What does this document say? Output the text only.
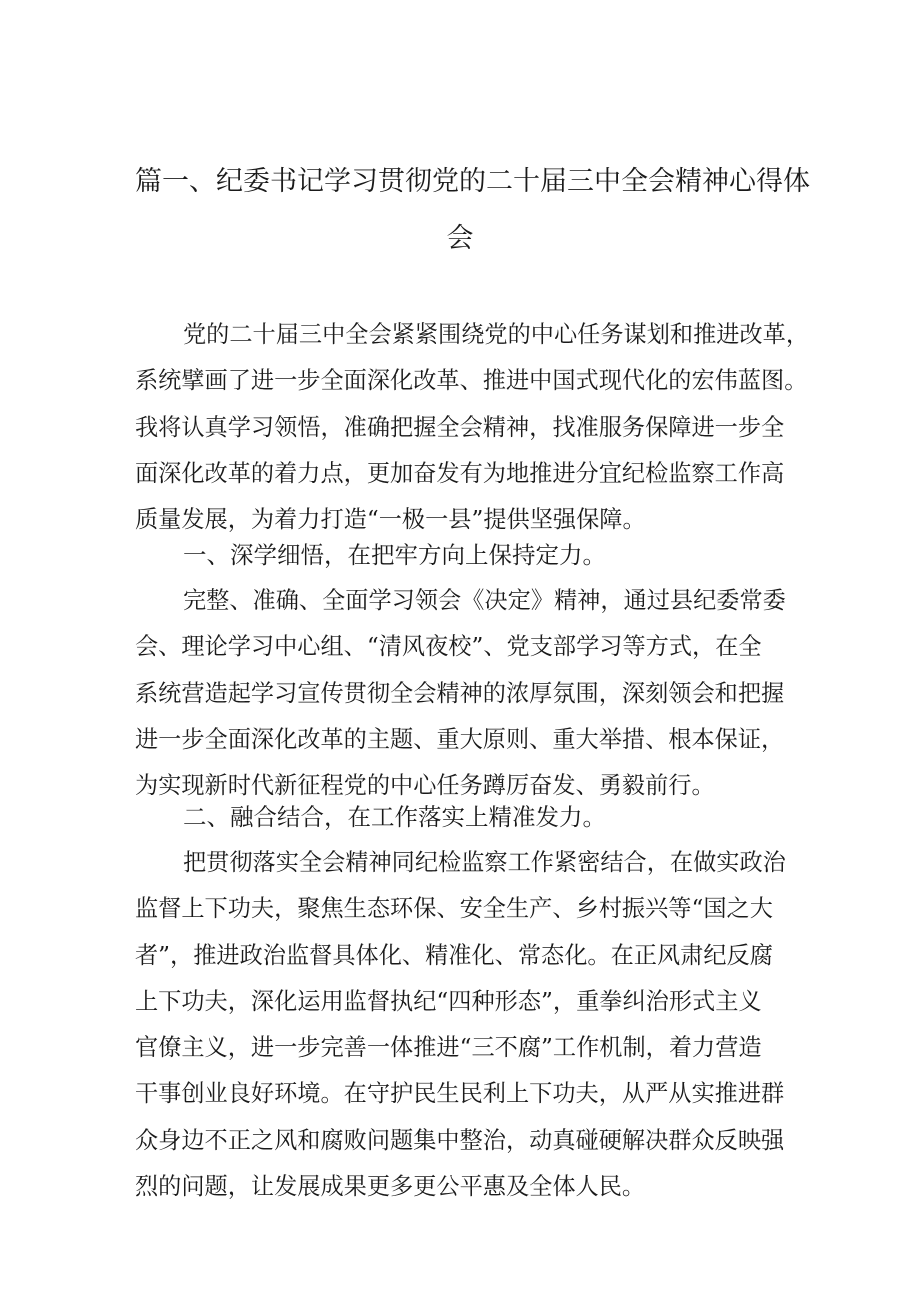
篇一、纪委书记学习贯彻党的二十届三中全会精神心得体
会
党的二十届三中全会紧紧围绕党的中心任务谋划和推进改革，
系统擘画了进一步全面深化改革、推进中国式现代化的宏伟蓝图。
我将认真学习领悟，准确把握全会精神，找准服务保障进一步全
面深化改革的着力点，更加奋发有为地推进分宜纪检监察工作高
质量发展，为着力打造“一极一县”提供坚强保障。
一、深学细悟，在把牢方向上保持定力。
完整、准确、全面学习领会《决定》精神，通过县纪委常委
会、理论学习中心组、“清风夜校”、党支部学习等方式，在全
系统营造起学习宣传贯彻全会精神的浓厚氛围，深刻领会和把握
进一步全面深化改革的主题、重大原则、重大举措、根本保证，
为实现新时代新征程党的中心任务蹲厉奋发、勇毅前行。
二、融合结合，在工作落实上精准发力。
把贯彻落实全会精神同纪检监察工作紧密结合，在做实政治
监督上下功夫，聚焦生态环保、安全生产、乡村振兴等“国之大
者”，推进政治监督具体化、精准化、常态化。在正风肃纪反腐
上下功夫，深化运用监督执纪“四种形态”，重拳纠治形式主义
官僚主义，进一步完善一体推进“三不腐”工作机制，着力营造
干事创业良好环境。在守护民生民利上下功夫，从严从实推进群
众身边不正之风和腐败问题集中整治，动真碰硬解决群众反映强
烈的问题，让发展成果更多更公平惠及全体人民。
